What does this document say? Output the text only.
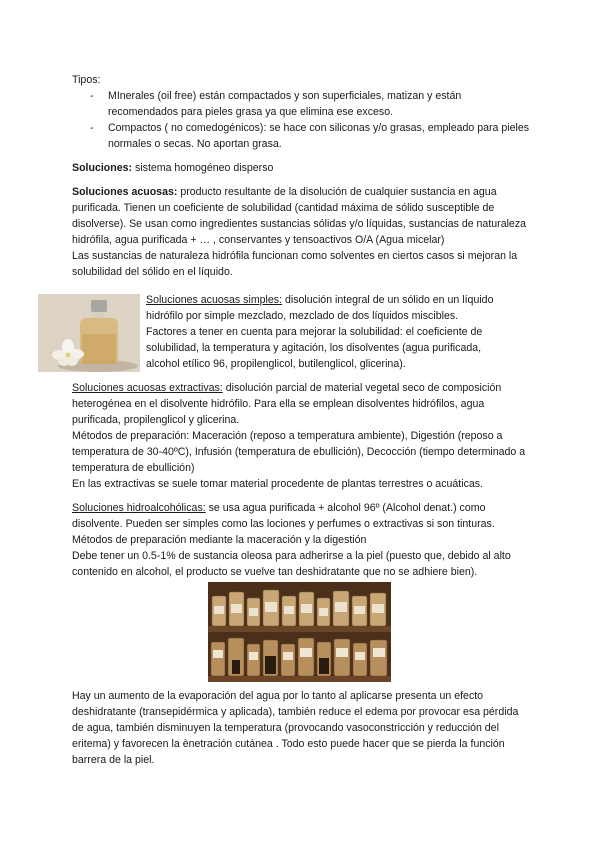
Tipos:

- MInerales (oil free) están compactados y son superficiales, matizan y están recomendados para pieles grasa ya que elimina ese exceso.
- Compactos ( no comedogénicos): se hace con siliconas y/o grasas, empleado para pieles normales o secas. No aportan grasa.

Soluciones: sistema homogéneo disperso

Soluciones acuosas: producto resultante de la disolución de cualquier sustancia en agua purificada. Tienen un coeficiente de solubilidad (cantidad máxima de sólido susceptible de disolverse). Se usan como ingredientes sustancias sólidas y/o líquidas, sustancias de naturaleza hidrófila, agua purificada + … , conservantes y tensoactivos O/A (Agua micelar)

Las sustancias de naturaleza hidrófila funcionan como solventes en ciertos casos si mejoran la solubilidad del sólido en el líquido.

Soluciones acuosas simples: disolución integral de un sólido en un líquido hidrófilo por simple mezclado, mezclado de dos líquidos miscibles.

Factores a tener en cuenta para mejorar la solubilidad: el coeficiente de solubilidad, la temperatura y agitación, los disolventes (agua purificada, alcohol etílico 96, propilenglicol, butilenglicol, glicerina).

Soluciones acuosas extractivas: disolución parcial de material vegetal seco de composición heterogénea en el disolvente hidrófilo. Para ella se emplean disolventes hidrófilos, agua purificada, propilenglicol y glicerina.

Métodos de preparación: Maceración (reposo a temperatura ambiente), Digestión (reposo a temperatura de 30-40ºC), Infusión (temperatura de ebullición), Decocción (tiempo determinado a temperatura de ebullición)

En las extractivas se suele tomar material procedente de plantas terrestres o acuáticas.

Soluciones hidroalcohólicas: se usa agua purificada + alcohol 96º (Alcohol denat.) como disolvente. Pueden ser simples como las lociones y perfumes o extractivas si son tinturas.

Métodos de preparación mediante la maceración y la digestión

Debe tener un 0.5-1% de sustancia oleosa para adherirse a la piel (puesto que, debido al alto contenido en alcohol, el producto se vuelve tan deshidratante que no se adhiere bien).

Hay un aumento de la evaporación del agua por lo tanto al aplicarse presenta un efecto deshidratante (transepidérmica y aplicada), también reduce el edema por provocar esa pérdida de agua, también disminuyen la temperatura (provocando vasoconstricción y reducción del eritema) y favorecen la ènetración cutánea . Todo esto puede hacer que se pierda la función barrera de la piel.
